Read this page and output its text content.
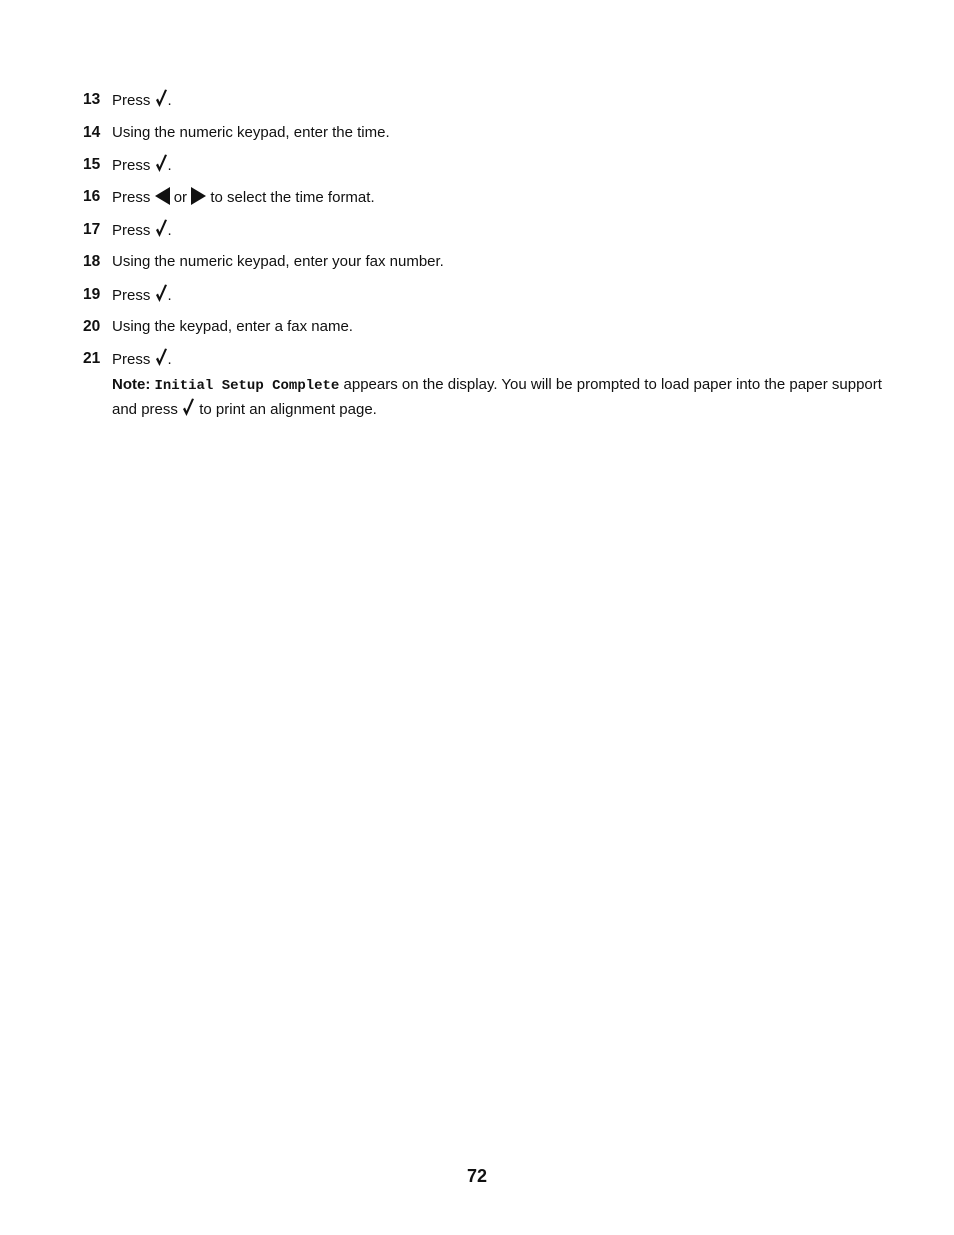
13 Press .
14 Using the numeric keypad, enter the time.
15 Press .
16 Press or to select the time format.
17 Press .
18 Using the numeric keypad, enter your fax number.
19 Press .
20 Using the keypad, enter a fax name.
21 Press .

Note: Initial Setup Complete appears on the display. You will be prompted to load paper into the paper support and press to print an alignment page.

72
